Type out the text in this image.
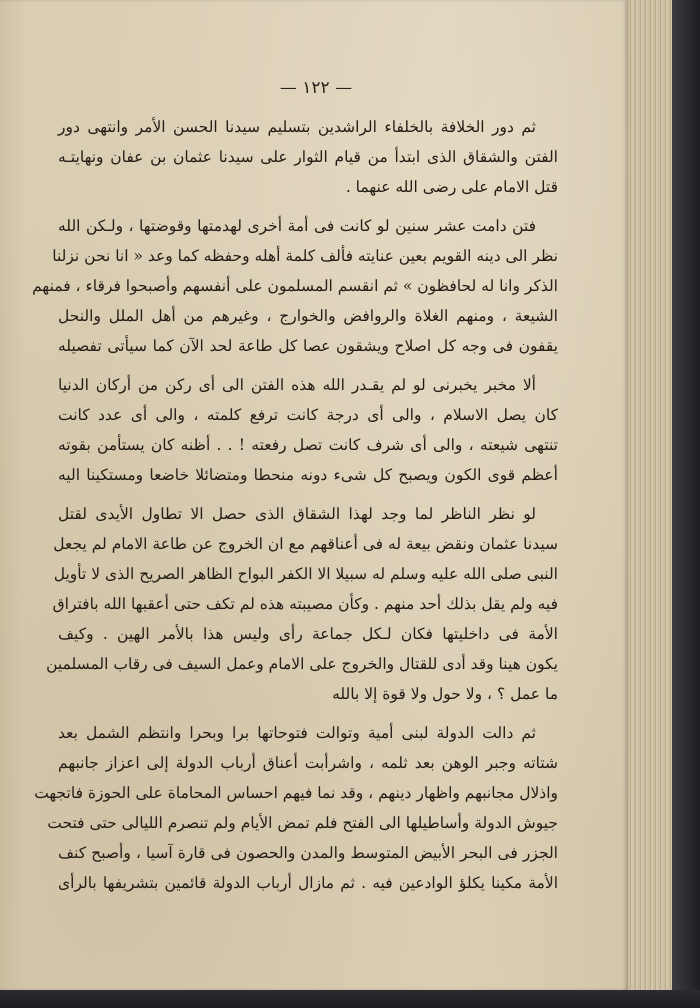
— ١٢٢ —
ثم دور الخلافة بالخلفاء الراشدين بتسليم سيدنا الحسن الأمر وانتهى دور
الفتن والشقاق الذى ابتدأ من قيام الثوار على سيدنا عثمان بن عفان ونهايتـه
قتل الامام على رضى الله عنهما .
فتن دامت عشر سنين لو كانت فى أمة أخرى لهدمتها وقوضتها ، ولـكن الله
نظر الى دينه القويم بعين عنايته فألف كلمة أهله وحفظه كما وعد « انا نحن نزلنا
الذكر وانا له لحافظون » ثم انقسم المسلمون على أنفسهم وأصبحوا فرقاء ، فمنهم
الشيعة ، ومنهم الغلاة والروافض والخوارج ، وغيرهم من أهل الملل والنحل
يقفون فى وجه كل اصلاح ويشقون عصا كل طاعة لحد الآن كما سيأتى تفصيله
ألا مخبر يخبرنى لو لم يقـدر الله هذه الفتن الى أى ركن من أركان الدنيا
كان يصل الاسلام ، والى أى درجة كانت ترفع كلمته ، والى أى عدد كانت
تنتهى شيعته ، والى أى شرف كانت تصل رفعته ! . . أظنه كان يستأمن بقوته
أعظم قوى الكون ويصبح كل شىء دونه منحطا ومتضائلا خاضعا ومستكينا اليه
لو نظر الناظر لما وجد لهذا الشقاق الذى حصل الا تطاول الأيدى لقتل
سيدنا عثمان ونقض بيعة له فى أعناقهم مع ان الخروج عن طاعة الامام لم يجعل
النبى صلى الله عليه وسلم له سبيلا الا الكفر البواح الظاهر الصريح الذى لا تأويل
فيه ولم يقل بذلك أحد منهم . وكأن مصيبته هذه لم تكف حتى أعقبها الله بافتراق
الأمة فى داخليتها فكان لـكل جماعة رأى وليس هذا بالأمر الهين . وكيف
يكون هينا وقد أدى للقتال والخروج على الامام وعمل السيف فى رقاب المسلمين
ما عمل ؟ ، ولا حول ولا قوة إلا بالله
ثم دالت الدولة لبنى أمية وتوالت فتوحاتها برا وبحرا وانتظم الشمل بعد
شتاته وجبر الوهن بعد ثلمه ، واشرأبت أعناق أرباب الدولة إلى اعزاز جانبهم
واذلال مجانبهم واظهار دينهم ، وقد نما فيهم احساس المحاماة على الحوزة فاتجهت
جيوش الدولة وأساطيلها الى الفتح فلم تمض الأيام ولم تنصرم الليالى حتى فتحت
الجزر فى البحر الأبيض المتوسط والمدن والحصون فى قارة آسيا ، وأصبح كنف
الأمة مكينا يكلؤ الوادعين فيه . ثم مازال أرباب الدولة قائمين بتشريفها بالرأى
